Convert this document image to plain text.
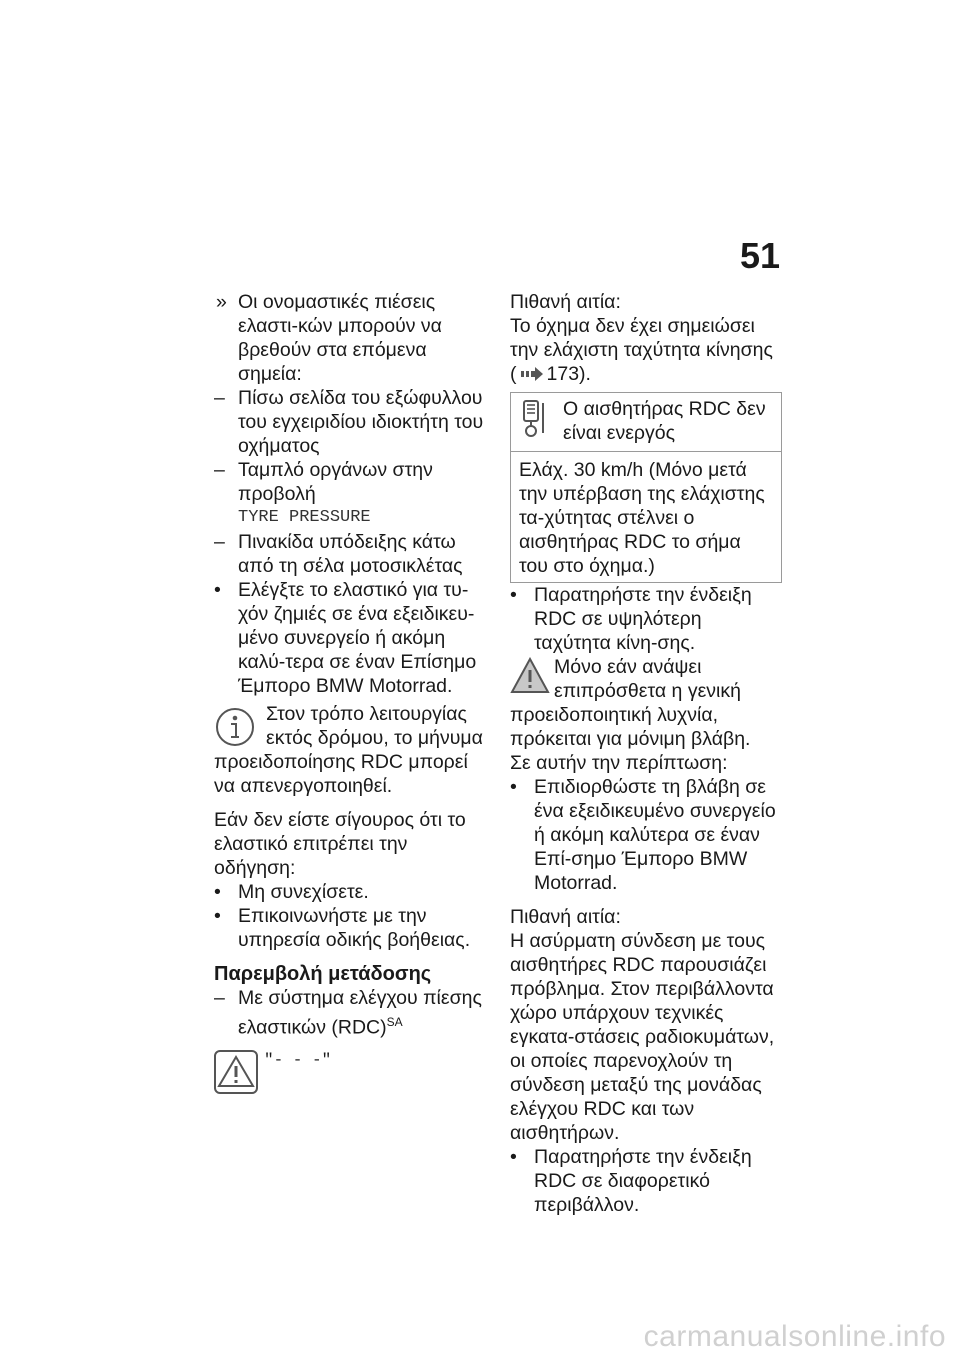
51
» Οι ονομαστικές πιέσεις ελαστι-κών μπορούν να βρεθούν στα επόμενα σημεία:
– Πίσω σελίδα του εξώφυλλου του εγχειριδίου ιδιοκτήτη του οχήματος
– Ταμπλό οργάνων στην προβολή
TYRE PRESSURE
– Πινακίδα υπόδειξης κάτω από τη σέλα μοτοσικλέτας
• Ελέγξτε το ελαστικό για τυ-χόν ζημιές σε ένα εξειδικευ-μένο συνεργείο ή ακόμη καλύ-τερα σε έναν Επίσημο Έμπορο BMW Motorrad.
Στον τρόπο λειτουργίας
εκτός δρόμου, το μήνυμα
προειδοποίησης RDC μπορεί να απενεργοποιηθεί.
Εάν δεν είστε σίγουρος ότι το ελαστικό επιτρέπει την οδήγηση:
• Μη συνεχίσετε.
• Επικοινωνήστε με την υπηρεσία οδικής βοήθειας.
Παρεμβολή μετάδοσης
– Με σύστημα ελέγχου πίεσης ελαστικών (RDC)$^{SA}$
"- - -"
Πιθανή αιτία:
Το όχημα δεν έχει σημειώσει την ελάχιστη ταχύτητα κίνησης
( 173).
Ο αισθητήρας RDC δεν είναι ενεργός
Ελάχ. 30 km/h (Μόνο μετά την υπέρβαση της ελάχιστης τα-χύτητας στέλνει ο αισθητήρας RDC το σήμα του στο όχημα.)
• Παρατηρήστε την ένδειξη RDC σε υψηλότερη ταχύτητα κίνη-σης.
Μόνο εάν ανάψει
επιπρόσθετα η γενική
προειδοποιητική λυχνία, πρόκειται για μόνιμη βλάβη.
Σε αυτήν την περίπτωση:
• Επιδιορθώστε τη βλάβη σε ένα εξειδικευμένο συνεργείο ή ακόμη καλύτερα σε έναν Επί-σημο Έμπορο BMW Motorrad.
Πιθανή αιτία:
Η ασύρματη σύνδεση με τους αισθητήρες RDC παρουσιάζει πρόβλημα. Στον περιβάλλοντα χώρο υπάρχουν τεχνικές εγκατα-στάσεις ραδιοκυμάτων, οι οποίες παρενοχλούν τη σύνδεση μεταξύ της μονάδας ελέγχου RDC και των αισθητήρων.
• Παρατηρήστε την ένδειξη RDC σε διαφορετικό περιβάλλον.
carmanualsonline.info
